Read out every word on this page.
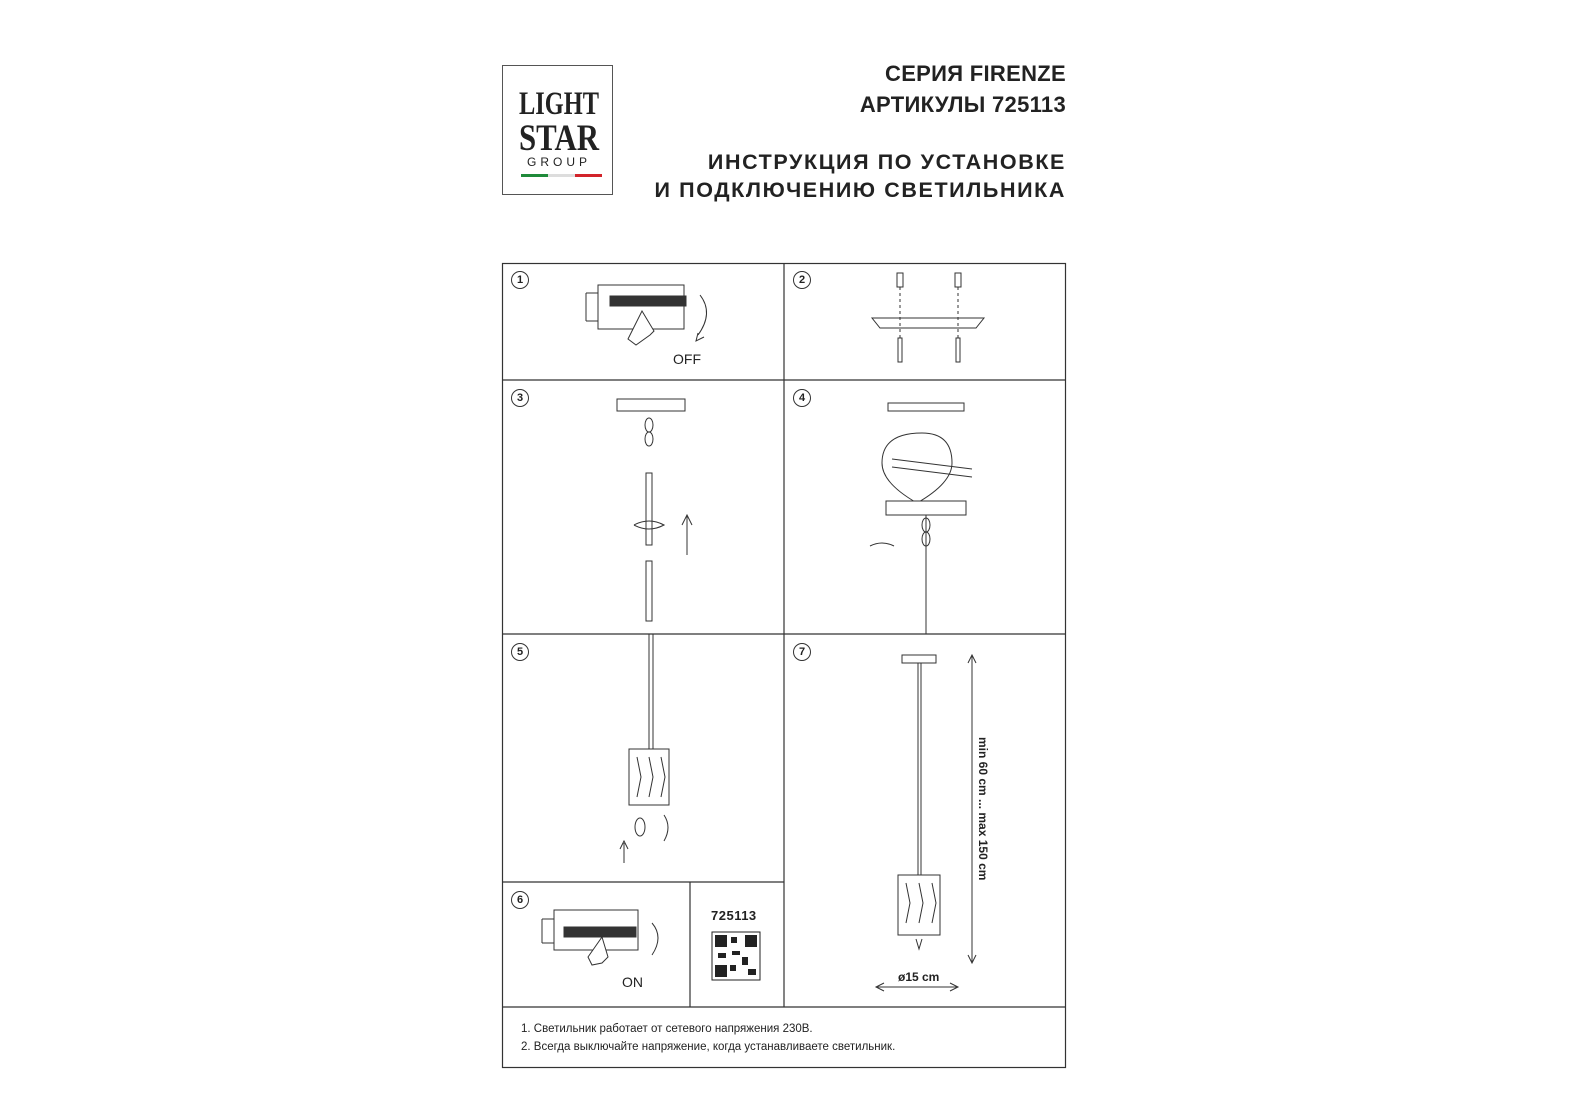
LIGHT
STAR
GROUP
СЕРИЯ FIRENZE
АРТИКУЛЫ 725113
ИНСТРУКЦИЯ ПО УСТАНОВКЕ
И ПОДКЛЮЧЕНИЮ СВЕТИЛЬНИКА
1	2
3	4
5
6
7
OFF
ON
725113
min 60 cm ... max 150 cm
ø15 cm
1. Светильник работает от сетевого напряжения 230В.
2. Всегда выключайте напряжение, когда устанавливаете светильник.
